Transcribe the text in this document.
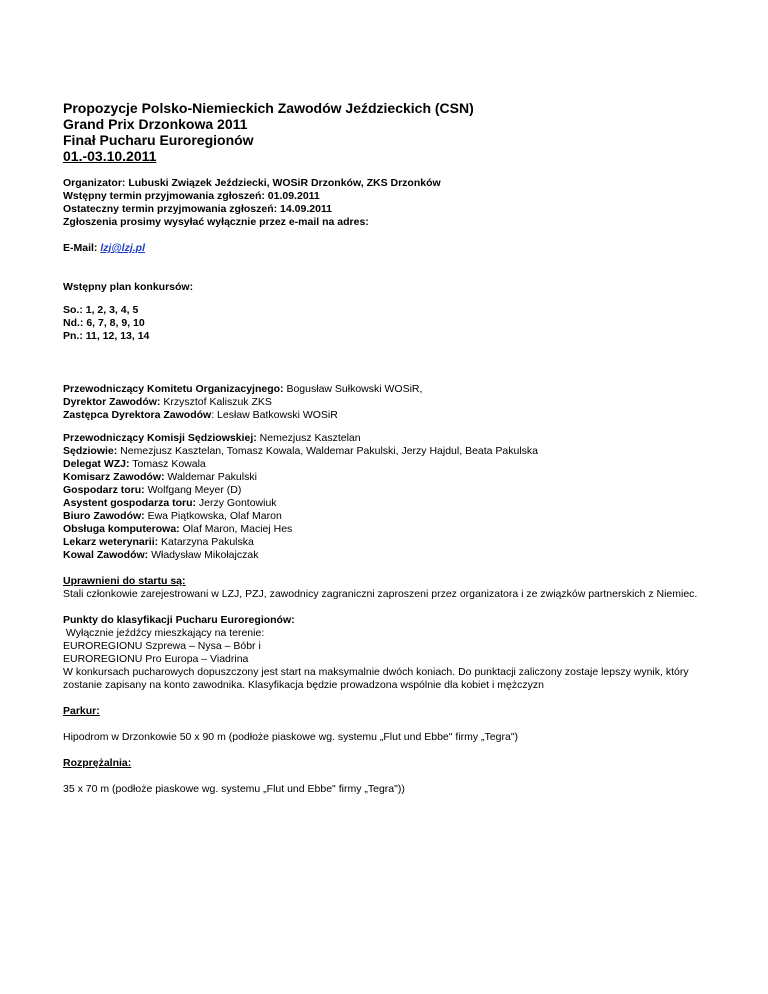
Propozycje Polsko-Niemieckich Zawodów Jeździeckich (CSN)
Grand Prix Drzonkowa 2011
Finał Pucharu Euroregionów
01.-03.10.2011
Organizator: Lubuski Związek Jeździecki, WOSiR Drzonków, ZKS Drzonków
Wstępny termin przyjmowania zgłoszeń: 01.09.2011
Ostateczny termin przyjmowania zgłoszeń: 14.09.2011
Zgłoszenia prosimy wysyłać wyłącznie przez e-mail na adres:
E-Mail: lzj@lzj.pl
Wstępny plan konkursów:
So.: 1, 2, 3, 4, 5
Nd.: 6, 7, 8, 9, 10
Pn.: 11, 12, 13, 14
Przewodniczący Komitetu Organizacyjnego: Bogusław Sułkowski WOSiR,
Dyrektor Zawodów: Krzysztof Kaliszuk ZKS
Zastępca Dyrektora Zawodów: Lesław Batkowski WOSiR
Przewodniczący Komisji Sędziowskiej: Nemezjusz Kasztelan
Sędziowie: Nemezjusz Kasztelan, Tomasz Kowala, Waldemar Pakulski, Jerzy Hajdul, Beata Pakulska
Delegat WZJ: Tomasz Kowala
Komisarz Zawodów: Waldemar Pakulski
Gospodarz toru: Wolfgang Meyer (D)
Asystent gospodarza toru: Jerzy Gontowiuk
Biuro Zawodów: Ewa Piątkowska, Olaf Maron
Obsługa komputerowa: Olaf Maron, Maciej Hes
Lekarz weterynarii: Katarzyna Pakulska
Kowal Zawodów: Władysław Mikołajczak
Uprawnieni do startu są:
Stali członkowie zarejestrowani w LZJ, PZJ, zawodnicy zagraniczni zaproszeni przez organizatora i ze związków partnerskich z Niemiec.
Punkty do klasyfikacji Pucharu Euroregionów:
Wyłącznie jeźdźcy mieszkający na terenie:
EUROREGIONU Szprewa – Nysa – Bóbr i
EUROREGIONU Pro Europa – Viadrina
W konkursach pucharowych dopuszczony jest start na maksymalnie dwóch koniach. Do punktacji zaliczony zostaje lepszy wynik, który
zostanie zapisany na konto zawodnika. Klasyfikacja będzie prowadzona wspólnie dla kobiet i mężczyzn
Parkur:
Hipodrom w Drzonkowie 50 x 90 m (podłoże piaskowe wg. systemu „Flut und Ebbe" firmy „Tegra")
Rozprężalnia:
35 x 70 m (podłoże piaskowe wg. systemu „Flut und Ebbe" firmy „Tegra"))
